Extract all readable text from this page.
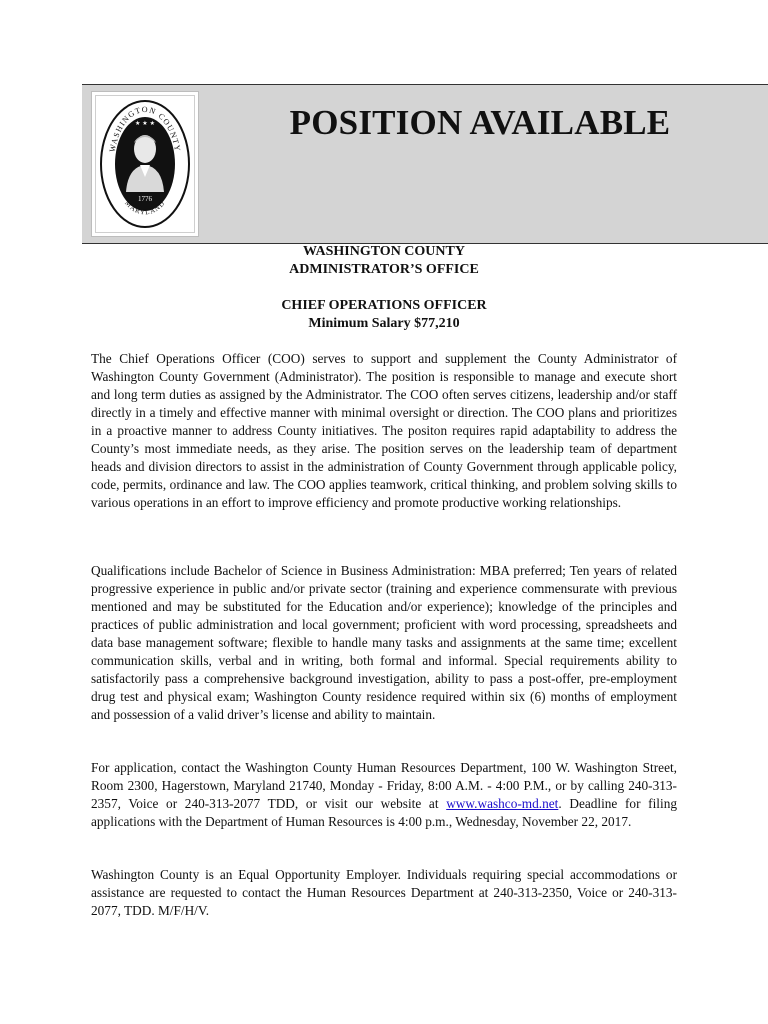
WASHINGTON COUNTY
MARYLAND
★ ★ ★
1776
POSITION AVAILABLE

WASHINGTON COUNTY

ADMINISTRATOR’S OFFICE

CHIEF OPERATIONS OFFICER

Minimum Salary $77,210

The Chief Operations Officer (COO) serves to support and supplement the County Administrator of Washington County Government (Administrator). The position is responsible to manage and execute short and long term duties as assigned by the Administrator. The COO often serves citizens, leadership and/or staff directly in a timely and effective manner with minimal oversight or direction. The COO plans and prioritizes in a proactive manner to address County initiatives. The positon requires rapid adaptability to address the County’s most immediate needs, as they arise. The position serves on the leadership team of department heads and division directors to assist in the administration of County Government through applicable policy, code, permits, ordinance and law. The COO applies teamwork, critical thinking, and problem solving skills to various operations in an effort to improve efficiency and promote productive working relationships.

Qualifications include Bachelor of Science in Business Administration: MBA preferred; Ten years of related progressive experience in public and/or private sector (training and experience commensurate with previous mentioned and may be substituted for the Education and/or experience); knowledge of the principles and practices of public administration and local government; proficient with word processing, spreadsheets and data base management software; flexible to handle many tasks and assignments at the same time; excellent communication skills, verbal and in writing, both formal and informal. Special requirements ability to satisfactorily pass a comprehensive background investigation, ability to pass a post-offer, pre-employment drug test and physical exam; Washington County residence required within six (6) months of employment and possession of a valid driver’s license and ability to maintain.

For application, contact the Washington County Human Resources Department, 100 W. Washington Street, Room 2300, Hagerstown, Maryland 21740, Monday - Friday, 8:00 A.M. - 4:00 P.M., or by calling 240-313-2357, Voice or 240-313-2077 TDD, or visit our website at www.washco-md.net. Deadline for filing applications with the Department of Human Resources is 4:00 p.m., Wednesday, November 22, 2017.

Washington County is an Equal Opportunity Employer. Individuals requiring special accommodations or assistance are requested to contact the Human Resources Department at 240-313-2350, Voice or 240-313-2077, TDD. M/F/H/V.
